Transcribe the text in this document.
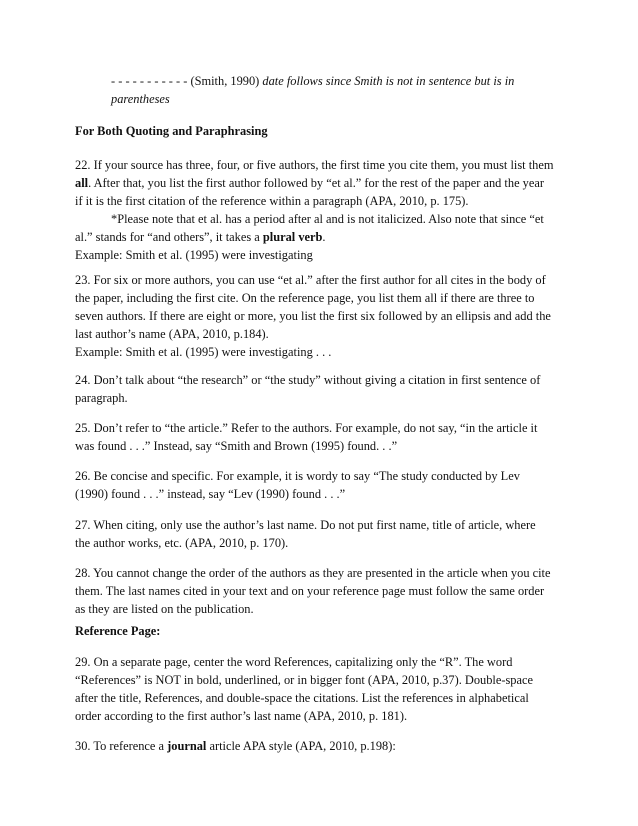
- - - - - - - - - - - (Smith, 1990) date follows since Smith is not in sentence but is in
parentheses
For Both Quoting and Paraphrasing
22. If your source has three, four, or five authors, the first time you cite them, you must list them
all. After that, you list the first author followed by “et al.” for the rest of the paper and the year
if it is the first citation of the reference within a paragraph (APA, 2010, p. 175).
*Please note that et al. has a period after al and is not italicized. Also note that since “et
al.” stands for “and others”, it takes a plural verb.
Example: Smith et al. (1995) were investigating
23. For six or more authors, you can use “et al.” after the first author for all cites in the body of
the paper, including the first cite. On the reference page, you list them all if there are three to
seven authors. If there are eight or more, you list the first six followed by an ellipsis and add the
last author’s name (APA, 2010, p.184).
Example: Smith et al. (1995) were investigating . . .
24. Don’t talk about “the research” or “the study” without giving a citation in first sentence of
paragraph.
25. Don’t refer to “the article.” Refer to the authors. For example, do not say, “in the article it
was found . . .” Instead, say “Smith and Brown (1995) found. . .”
26. Be concise and specific. For example, it is wordy to say “The study conducted by Lev
(1990) found . . .” instead, say “Lev (1990) found . . .”
27. When citing, only use the author’s last name. Do not put first name, title of article, where
the author works, etc. (APA, 2010, p. 170).
28. You cannot change the order of the authors as they are presented in the article when you cite
them. The last names cited in your text and on your reference page must follow the same order
as they are listed on the publication.
Reference Page:
29. On a separate page, center the word References, capitalizing only the “R”. The word
“References” is NOT in bold, underlined, or in bigger font (APA, 2010, p.37). Double-space
after the title, References, and double-space the citations. List the references in alphabetical
order according to the first author’s last name (APA, 2010, p. 181).
30. To reference a journal article APA style (APA, 2010, p.198):
